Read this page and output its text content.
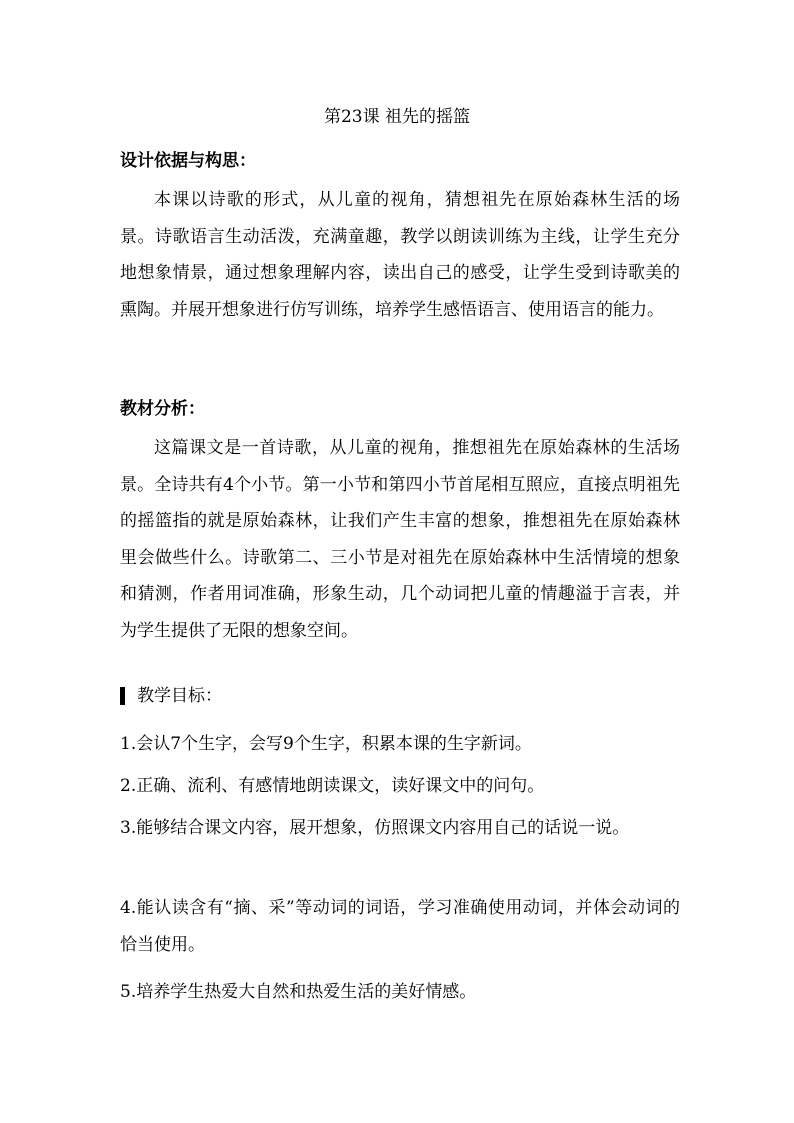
第23课 祖先的摇篮
设计依据与构思：
本课以诗歌的形式，从儿童的视角，猜想祖先在原始森林生活的场景。诗歌语言生动活泼，充满童趣，教学以朗读训练为主线，让学生充分地想象情景，通过想象理解内容，读出自己的感受，让学生受到诗歌美的熏陶。并展开想象进行仿写训练，培养学生感悟语言、使用语言的能力。
教材分析：
这篇课文是一首诗歌，从儿童的视角，推想祖先在原始森林的生活场景。全诗共有4个小节。第一小节和第四小节首尾相互照应，直接点明祖先的摇篮指的就是原始森林，让我们产生丰富的想象，推想祖先在原始森林里会做些什么。诗歌第二、三小节是对祖先在原始森林中生活情境的想象和猜测，作者用词准确，形象生动，几个动词把儿童的情趣溢于言表，并为学生提供了无限的想象空间。
教学目标：
1.会认7个生字，会写9个生字，积累本课的生字新词。
2.正确、流利、有感情地朗读课文，读好课文中的问句。
3.能够结合课文内容，展开想象，仿照课文内容用自己的话说一说。
4.能认读含有“摘、采”等动词的词语，学习准确使用动词，并体会动词的恰当使用。
5.培养学生热爱大自然和热爱生活的美好情感。
